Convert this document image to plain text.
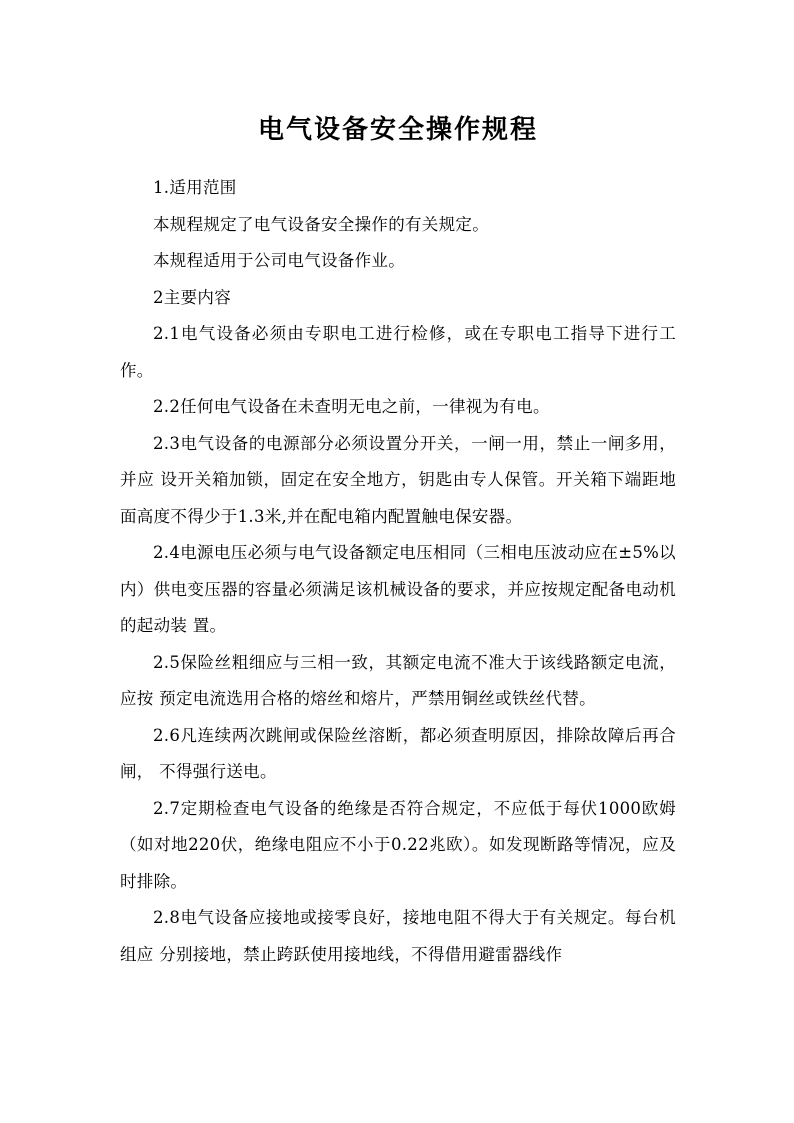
电气设备安全操作规程

1.适用范围

本规程规定了电气设备安全操作的有关规定。

本规程适用于公司电气设备作业。

2主要内容

2.1电气设备必须由专职电工进行检修，或在专职电工指导下进行工作。

2.2任何电气设备在未查明无电之前，一律视为有电。

2.3电气设备的电源部分必须设置分开关，一闸一用，禁止一闸多用，并应 设开关箱加锁，固定在安全地方，钥匙由专人保管。开关箱下端距地面高度不得少于1.3米,并在配电箱内配置触电保安器。

2.4电源电压必须与电气设备额定电压相同（三相电压波动应在±5%以内）供电变压器的容量必须满足该机械设备的要求，并应按规定配备电动机的起动装 置。

2.5保险丝粗细应与三相一致，其额定电流不准大于该线路额定电流，应按 预定电流选用合格的熔丝和熔片，严禁用铜丝或铁丝代替。

2.6凡连续两次跳闸或保险丝溶断，都必须查明原因，排除故障后再合闸， 不得强行送电。

2.7定期检查电气设备的绝缘是否符合规定，不应低于每伏1000欧姆（如对地220伏，绝缘电阻应不小于0.22兆欧）。如发现断路等情况，应及时排除。

2.8电气设备应接地或接零良好，接地电阻不得大于有关规定。每台机组应 分别接地，禁止跨跃使用接地线，不得借用避雷器线作
